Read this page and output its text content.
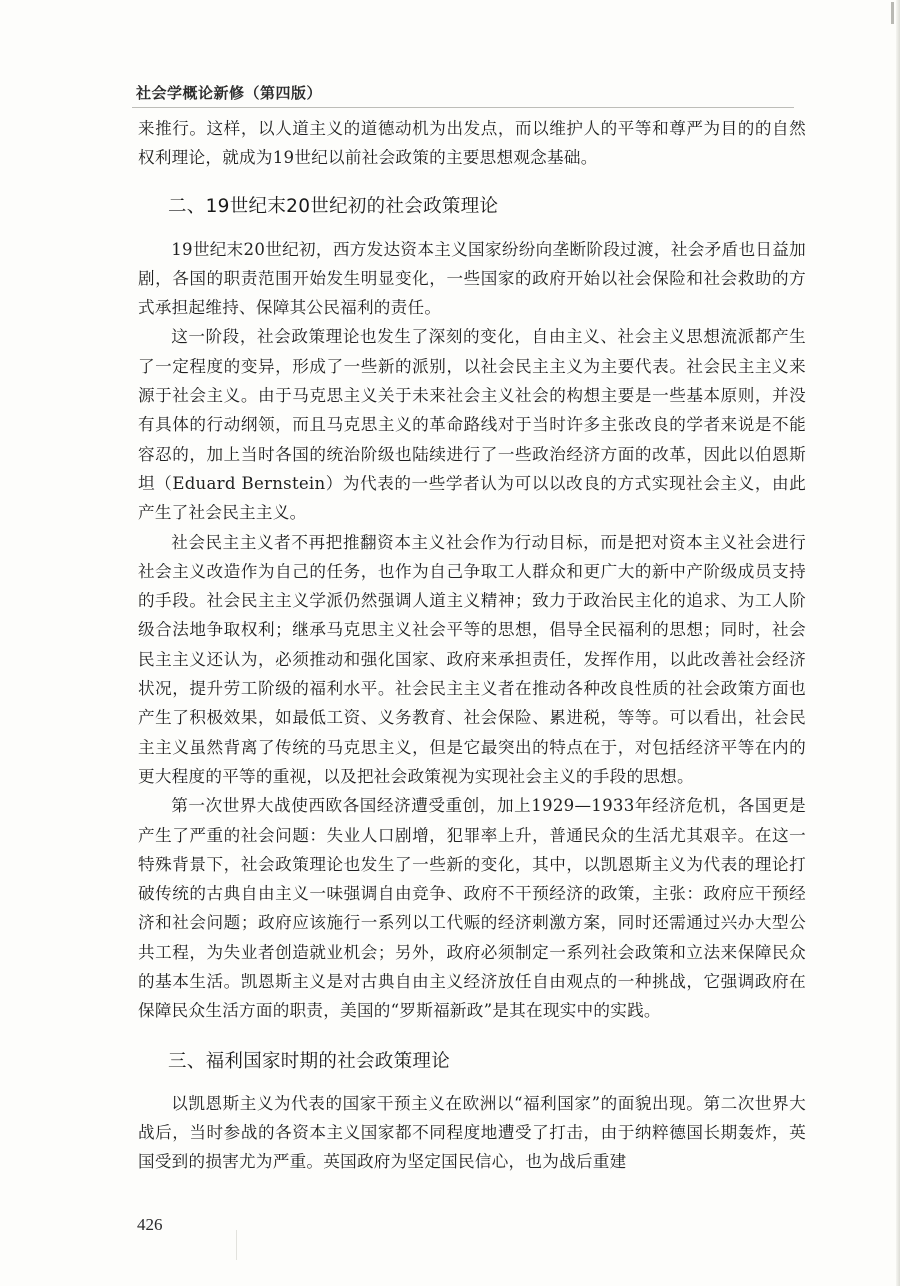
社会学概论新修（第四版）

来推行。这样，以人道主义的道德动机为出发点，而以维护人的平等和尊严为目的的自然权利理论，就成为19世纪以前社会政策的主要思想观念基础。

二、19世纪末20世纪初的社会政策理论

19世纪末20世纪初，西方发达资本主义国家纷纷向垄断阶段过渡，社会矛盾也日益加剧，各国的职责范围开始发生明显变化，一些国家的政府开始以社会保险和社会救助的方式承担起维持、保障其公民福利的责任。

这一阶段，社会政策理论也发生了深刻的变化，自由主义、社会主义思想流派都产生了一定程度的变异，形成了一些新的派别，以社会民主主义为主要代表。社会民主主义来源于社会主义。由于马克思主义关于未来社会主义社会的构想主要是一些基本原则，并没有具体的行动纲领，而且马克思主义的革命路线对于当时许多主张改良的学者来说是不能容忍的，加上当时各国的统治阶级也陆续进行了一些政治经济方面的改革，因此以伯恩斯坦（Eduard Bernstein）为代表的一些学者认为可以以改良的方式实现社会主义，由此产生了社会民主主义。

社会民主主义者不再把推翻资本主义社会作为行动目标，而是把对资本主义社会进行社会主义改造作为自己的任务，也作为自己争取工人群众和更广大的新中产阶级成员支持的手段。社会民主主义学派仍然强调人道主义精神；致力于政治民主化的追求、为工人阶级合法地争取权利；继承马克思主义社会平等的思想，倡导全民福利的思想；同时，社会民主主义还认为，必须推动和强化国家、政府来承担责任，发挥作用，以此改善社会经济状况，提升劳工阶级的福利水平。社会民主主义者在推动各种改良性质的社会政策方面也产生了积极效果，如最低工资、义务教育、社会保险、累进税，等等。可以看出，社会民主主义虽然背离了传统的马克思主义，但是它最突出的特点在于，对包括经济平等在内的更大程度的平等的重视，以及把社会政策视为实现社会主义的手段的思想。

第一次世界大战使西欧各国经济遭受重创，加上1929—1933年经济危机，各国更是产生了严重的社会问题：失业人口剧增，犯罪率上升，普通民众的生活尤其艰辛。在这一特殊背景下，社会政策理论也发生了一些新的变化，其中，以凯恩斯主义为代表的理论打破传统的古典自由主义一味强调自由竞争、政府不干预经济的政策，主张：政府应干预经济和社会问题；政府应该施行一系列以工代赈的经济刺激方案，同时还需通过兴办大型公共工程，为失业者创造就业机会；另外，政府必须制定一系列社会政策和立法来保障民众的基本生活。凯恩斯主义是对古典自由主义经济放任自由观点的一种挑战，它强调政府在保障民众生活方面的职责，美国的“罗斯福新政”是其在现实中的实践。

三、福利国家时期的社会政策理论

以凯恩斯主义为代表的国家干预主义在欧洲以“福利国家”的面貌出现。第二次世界大战后，当时参战的各资本主义国家都不同程度地遭受了打击，由于纳粹德国长期轰炸，英国受到的损害尤为严重。英国政府为坚定国民信心，也为战后重建

426
